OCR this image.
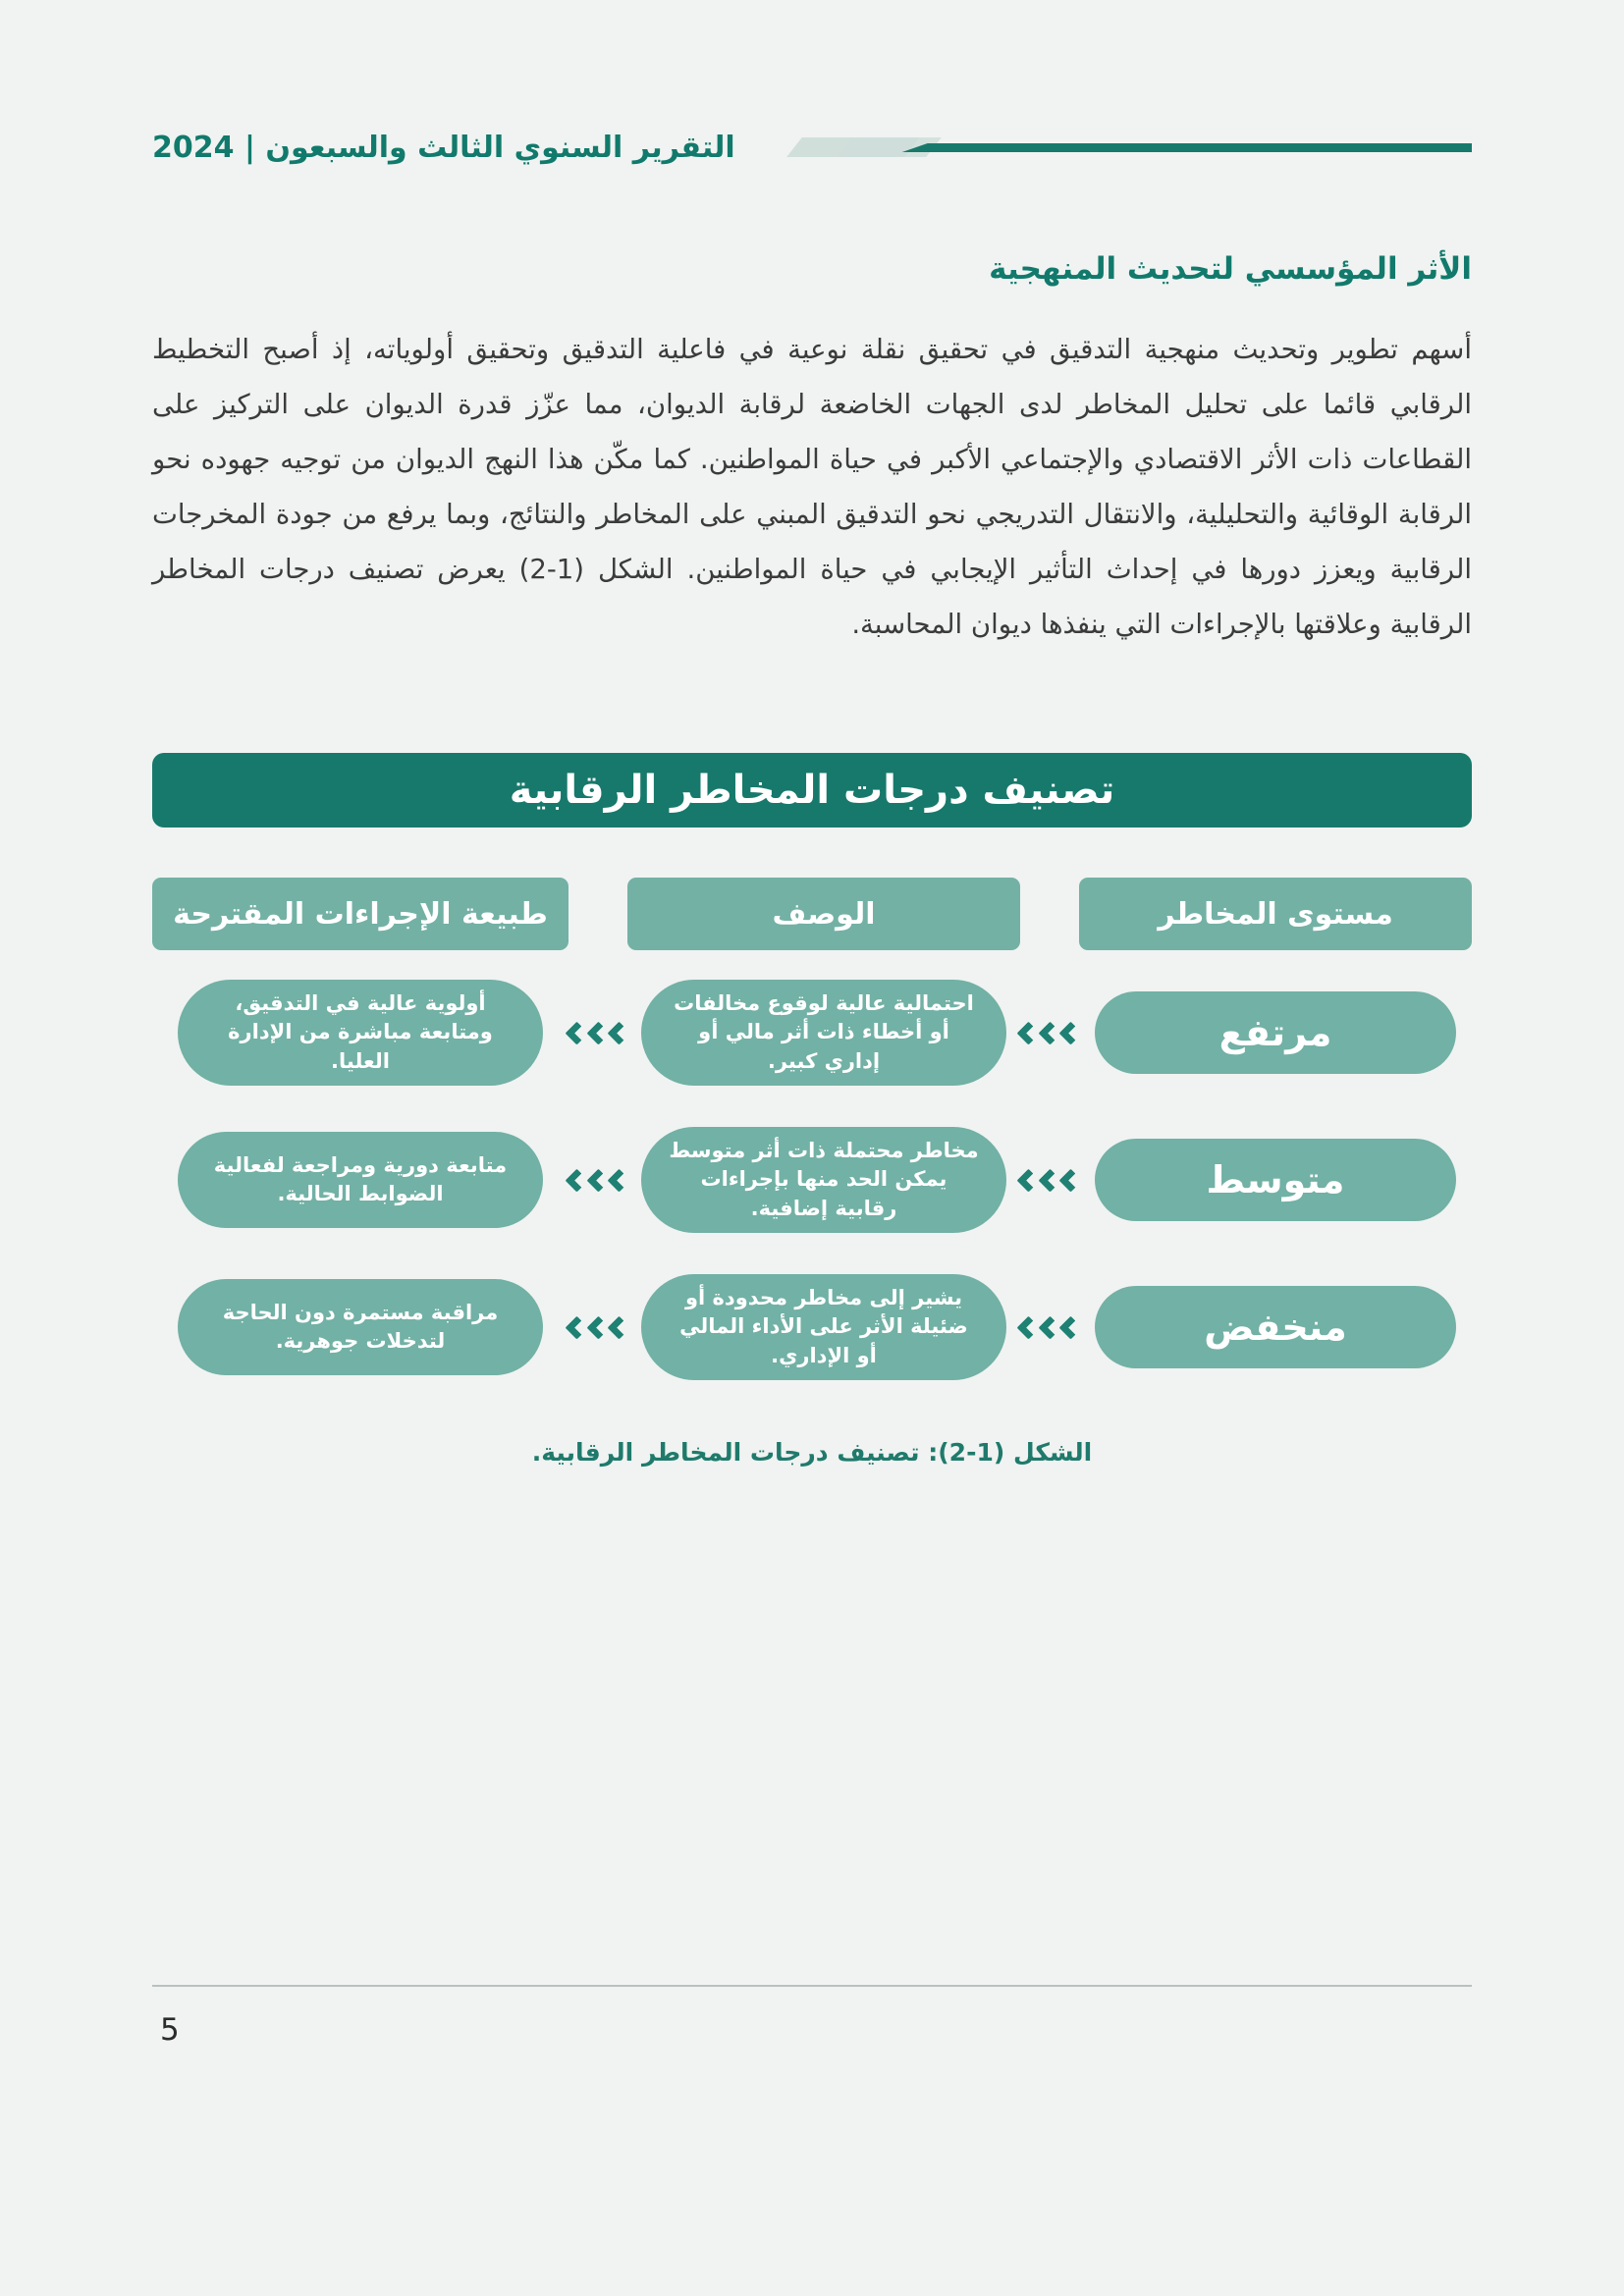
التقرير السنوي الثالث والسبعون | 2024
الأثر المؤسسي لتحديث المنهجية
أسهم تطوير وتحديث منهجية التدقيق في تحقيق نقلة نوعية في فاعلية التدقيق وتحقيق أولوياته، إذ أصبح التخطيط الرقابي قائما على تحليل المخاطر لدى الجهات الخاضعة لرقابة الديوان، مما عزّز قدرة الديوان على التركيز على القطاعات ذات الأثر الاقتصادي والإجتماعي الأكبر في حياة المواطنين. كما مكّن هذا النهج الديوان من توجيه جهوده نحو الرقابة الوقائية والتحليلية، والانتقال التدريجي نحو التدقيق المبني على المخاطر والنتائج، وبما يرفع من جودة المخرجات الرقابية ويعزز دورها في إحداث التأثير الإيجابي في حياة المواطنين. الشكل (1-2) يعرض تصنيف درجات المخاطر الرقابية وعلاقتها بالإجراءات التي ينفذها ديوان المحاسبة.
تصنيف درجات المخاطر الرقابية
مستوى المخاطر
الوصف
طبيعة الإجراءات المقترحة
مرتفع
احتمالية عالية لوقوع مخالفات أو أخطاء ذات أثر مالي أو إداري كبير.
أولوية عالية في التدقيق، ومتابعة مباشرة من الإدارة العليا.
متوسط
مخاطر محتملة ذات أثر متوسط يمكن الحد منها بإجراءات رقابية إضافية.
متابعة دورية ومراجعة لفعالية الضوابط الحالية.
منخفض
يشير إلى مخاطر محدودة أو ضئيلة الأثر على الأداء المالي أو الإداري.
مراقبة مستمرة دون الحاجة لتدخلات جوهرية.
الشكل (1-2): تصنيف درجات المخاطر الرقابية.
5
